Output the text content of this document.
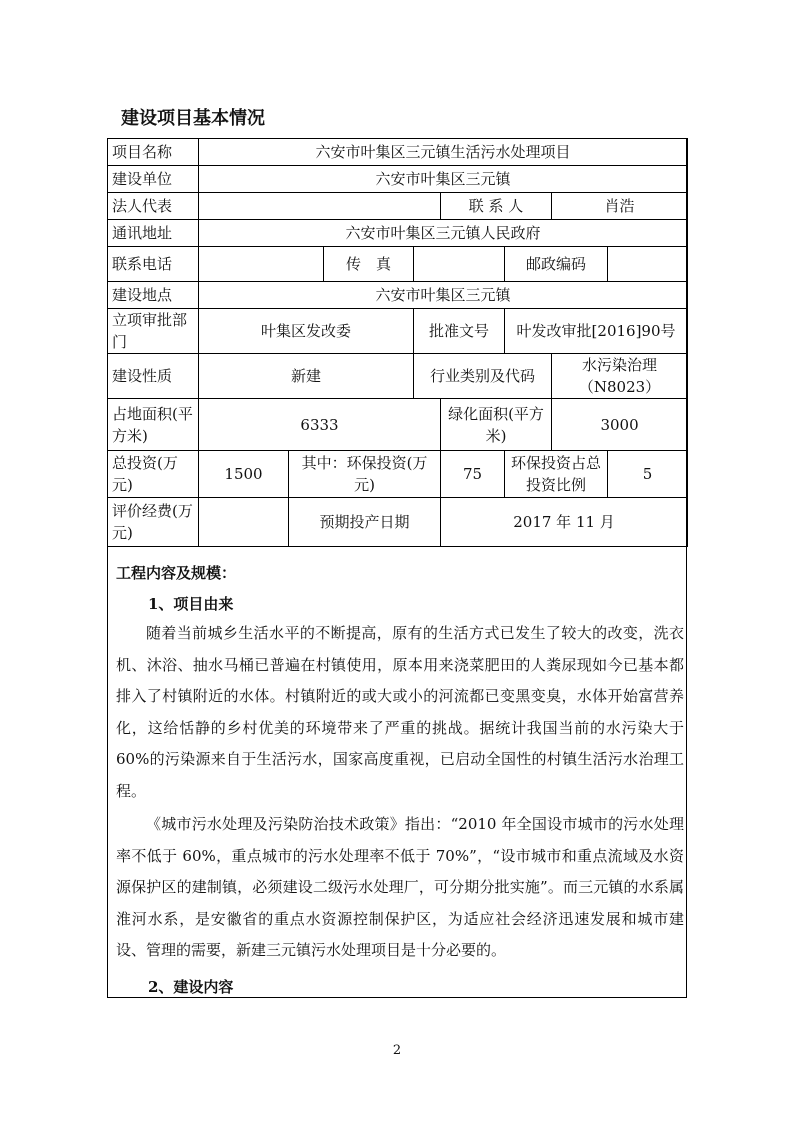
建设项目基本情况
项目名称	六安市叶集区三元镇生活污水处理项目							
建设单位	六安市叶集区三元镇							
法人代表					联 系 人		肖浩	
通讯地址	六安市叶集区三元镇人民政府							
联系电话			传　真			邮政编码		
建设地点	六安市叶集区三元镇							
立项审批部门	叶集区发改委			批准文号		叶发改审批[2016]90号		
建设性质	新建			行业类别及代码			水污染治理（N8023）	
占地面积(平方米)	6333				绿化面积(平方米)		3000	
总投资(万元)	1500	其中：环保投资(万元)			75	环保投资占总投资比例		5
评价经费(万元)		预期投产日期			2017 年 11 月			

工程内容及规模：

1、项目由来

随着当前城乡生活水平的不断提高，原有的生活方式已发生了较大的改变，洗衣机、沐浴、抽水马桶已普遍在村镇使用，原本用来浇菜肥田的人粪尿现如今已基本都排入了村镇附近的水体。村镇附近的或大或小的河流都已变黑变臭，水体开始富营养化，这给恬静的乡村优美的环境带来了严重的挑战。据统计我国当前的水污染大于 60%的污染源来自于生活污水，国家高度重视，已启动全国性的村镇生活污水治理工程。

《城市污水处理及污染防治技术政策》指出：“2010 年全国设市城市的污水处理率不低于 60%，重点城市的污水处理率不低于 70%”，“设市城市和重点流域及水资源保护区的建制镇，必须建设二级污水处理厂，可分期分批实施”。而三元镇的水系属淮河水系，是安徽省的重点水资源控制保护区，为适应社会经济迅速发展和城市建设、管理的需要，新建三元镇污水处理项目是十分必要的。

2、建设内容

2
